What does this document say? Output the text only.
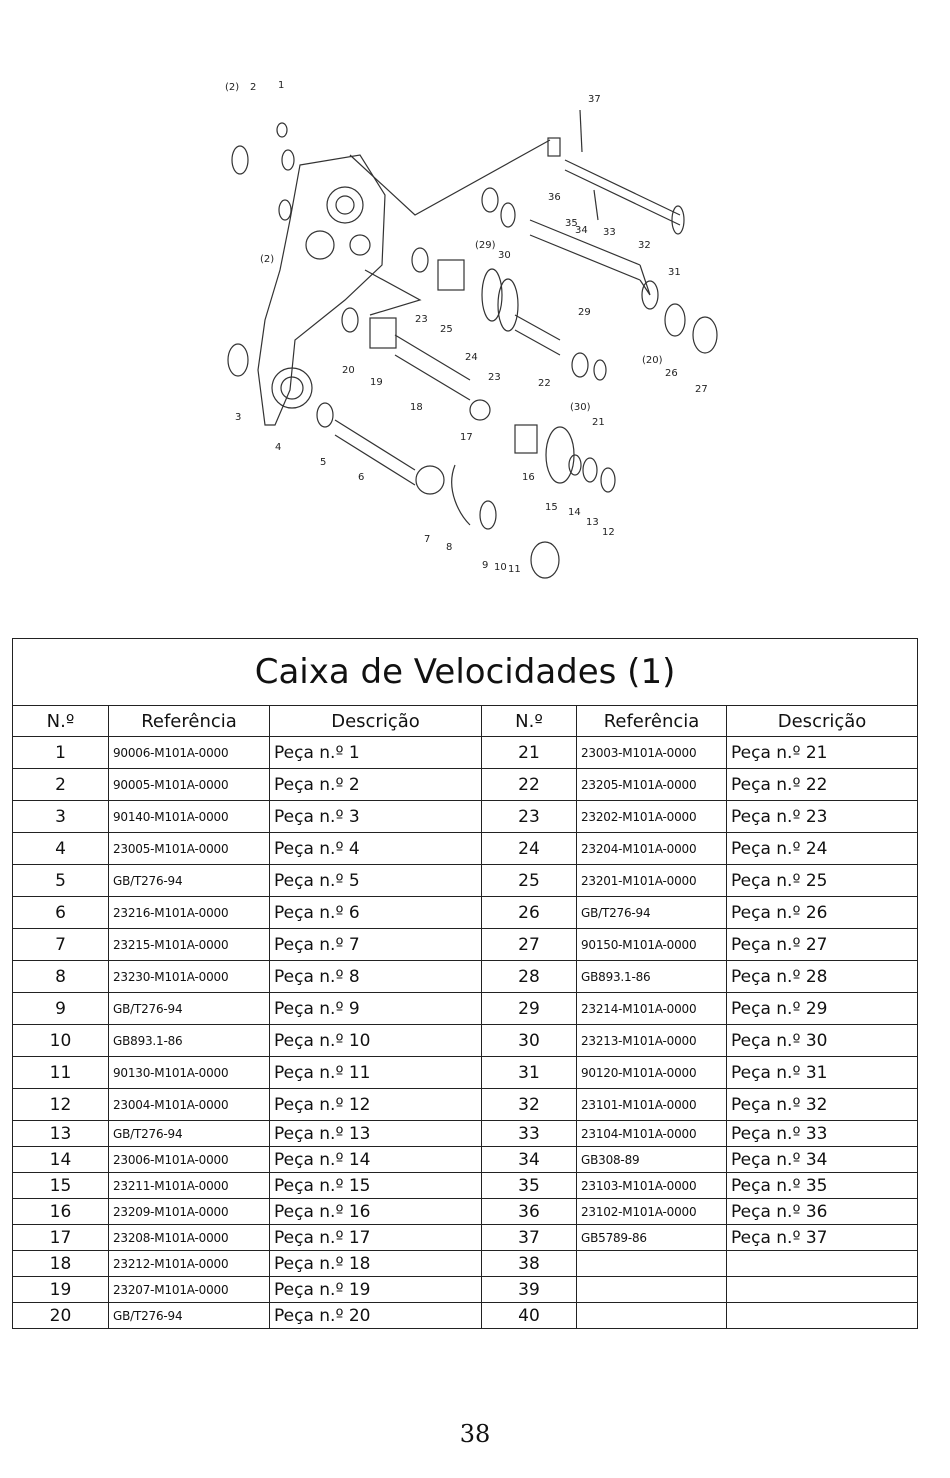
(2) 2 1
37
36
35
34 33
32
31
(29)
30
(2)
23
25
24
29
(20)
26
27
20
19
18
22
(30)
21
23
3
4
5
6
17
16
15 14
13
12
7
8
9 10 11
Caixa de Velocidades (1)					
N.º	Referência	Descrição	N.º	Referência	Descrição
1	90006-M101A-0000	Peça n.º 1	21	23003-M101A-0000	Peça n.º 21
2	90005-M101A-0000	Peça n.º 2	22	23205-M101A-0000	Peça n.º 22
3	90140-M101A-0000	Peça n.º 3	23	23202-M101A-0000	Peça n.º 23
4	23005-M101A-0000	Peça n.º 4	24	23204-M101A-0000	Peça n.º 24
5	GB/T276-94	Peça n.º 5	25	23201-M101A-0000	Peça n.º 25
6	23216-M101A-0000	Peça n.º 6	26	GB/T276-94	Peça n.º 26
7	23215-M101A-0000	Peça n.º 7	27	90150-M101A-0000	Peça n.º 27
8	23230-M101A-0000	Peça n.º 8	28	GB893.1-86	Peça n.º 28
9	GB/T276-94	Peça n.º 9	29	23214-M101A-0000	Peça n.º 29
10	GB893.1-86	Peça n.º 10	30	23213-M101A-0000	Peça n.º 30
11	90130-M101A-0000	Peça n.º 11	31	90120-M101A-0000	Peça n.º 31
12	23004-M101A-0000	Peça n.º 12	32	23101-M101A-0000	Peça n.º 32
13	GB/T276-94	Peça n.º 13	33	23104-M101A-0000	Peça n.º 33
14	23006-M101A-0000	Peça n.º 14	34	GB308-89	Peça n.º 34
15	23211-M101A-0000	Peça n.º 15	35	23103-M101A-0000	Peça n.º 35
16	23209-M101A-0000	Peça n.º 16	36	23102-M101A-0000	Peça n.º 36
17	23208-M101A-0000	Peça n.º 17	37	GB5789-86	Peça n.º 37
18	23212-M101A-0000	Peça n.º 18	38		
19	23207-M101A-0000	Peça n.º 19	39		
20	GB/T276-94	Peça n.º 20	40		
38
